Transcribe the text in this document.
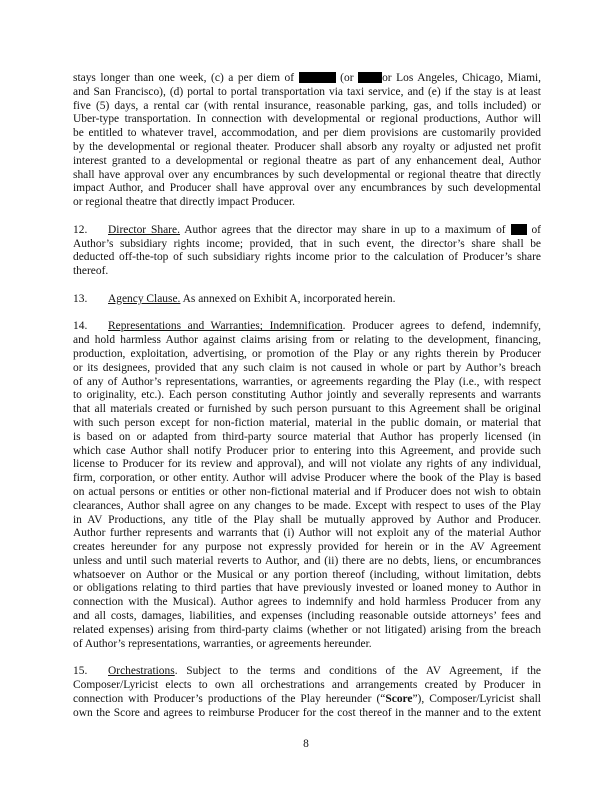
stays longer than one week, (c) a per diem of	(or or Los Angeles, Chicago, Miami,
and San Francisco), (d) portal to portal transportation via taxi service, and (e) if the stay is at least
five (5) days, a rental car (with rental insurance, reasonable parking, gas, and tolls included) or
Uber-type transportation. In connection with developmental or regional productions, Author will
be entitled to whatever travel, accommodation, and per diem provisions are customarily provided
by the developmental or regional theater. Producer shall absorb any royalty or adjusted net profit
interest granted to a developmental or regional theatre as part of any enhancement deal, Author
shall have approval over any encumbrances by such developmental or regional theatre that directly
impact Author, and Producer shall have approval over any encumbrances by such developmental
or regional theatre that directly impact Producer.
12. Director Share. Author agrees that the director may share in up to a maximum of  of
Author’s subsidiary rights income; provided, that in such event, the director’s share shall be
deducted off-the-top of such subsidiary rights income prior to the calculation of Producer’s share
thereof.
13. Agency Clause. As annexed on Exhibit A, incorporated herein.
14. Representations and Warranties; Indemnification. Producer agrees to defend, indemnify,
and hold harmless Author against claims arising from or relating to the development, financing,
production, exploitation, advertising, or promotion of the Play or any rights therein by Producer
or its designees, provided that any such claim is not caused in whole or part by Author’s breach
of any of Author’s representations, warranties, or agreements regarding the Play (i.e., with respect
to originality, etc.). Each person constituting Author jointly and severally represents and warrants
that all materials created or furnished by such person pursuant to this Agreement shall be original
with such person except for non-fiction material, material in the public domain, or material that
is based on or adapted from third-party source material that Author has properly licensed (in
which case Author shall notify Producer prior to entering into this Agreement, and provide such
license to Producer for its review and approval), and will not violate any rights of any individual,
firm, corporation, or other entity. Author will advise Producer where the book of the Play is based
on actual persons or entities or other non-fictional material and if Producer does not wish to obtain
clearances, Author shall agree on any changes to be made. Except with respect to uses of the Play
in AV Productions, any title of the Play shall be mutually approved by Author and Producer.
Author further represents and warrants that (i) Author will not exploit any of the material Author
creates hereunder for any purpose not expressly provided for herein or in the AV Agreement
unless and until such material reverts to Author, and (ii) there are no debts, liens, or encumbrances
whatsoever on Author or the Musical or any portion thereof (including, without limitation, debts
or obligations relating to third parties that have previously invested or loaned money to Author in
connection with the Musical). Author agrees to indemnify and hold harmless Producer from any
and all costs, damages, liabilities, and expenses (including reasonable outside attorneys’ fees and
related expenses) arising from third-party claims (whether or not litigated) arising from the breach
of Author’s representations, warranties, or agreements hereunder.
15. Orchestrations. Subject to the terms and conditions of the AV Agreement, if the
Composer/Lyricist elects to own all orchestrations and arrangements created by Producer in
connection with Producer’s productions of the Play hereunder (“Score”), Composer/Lyricist shall
own the Score and agrees to reimburse Producer for the cost thereof in the manner and to the extent
8
